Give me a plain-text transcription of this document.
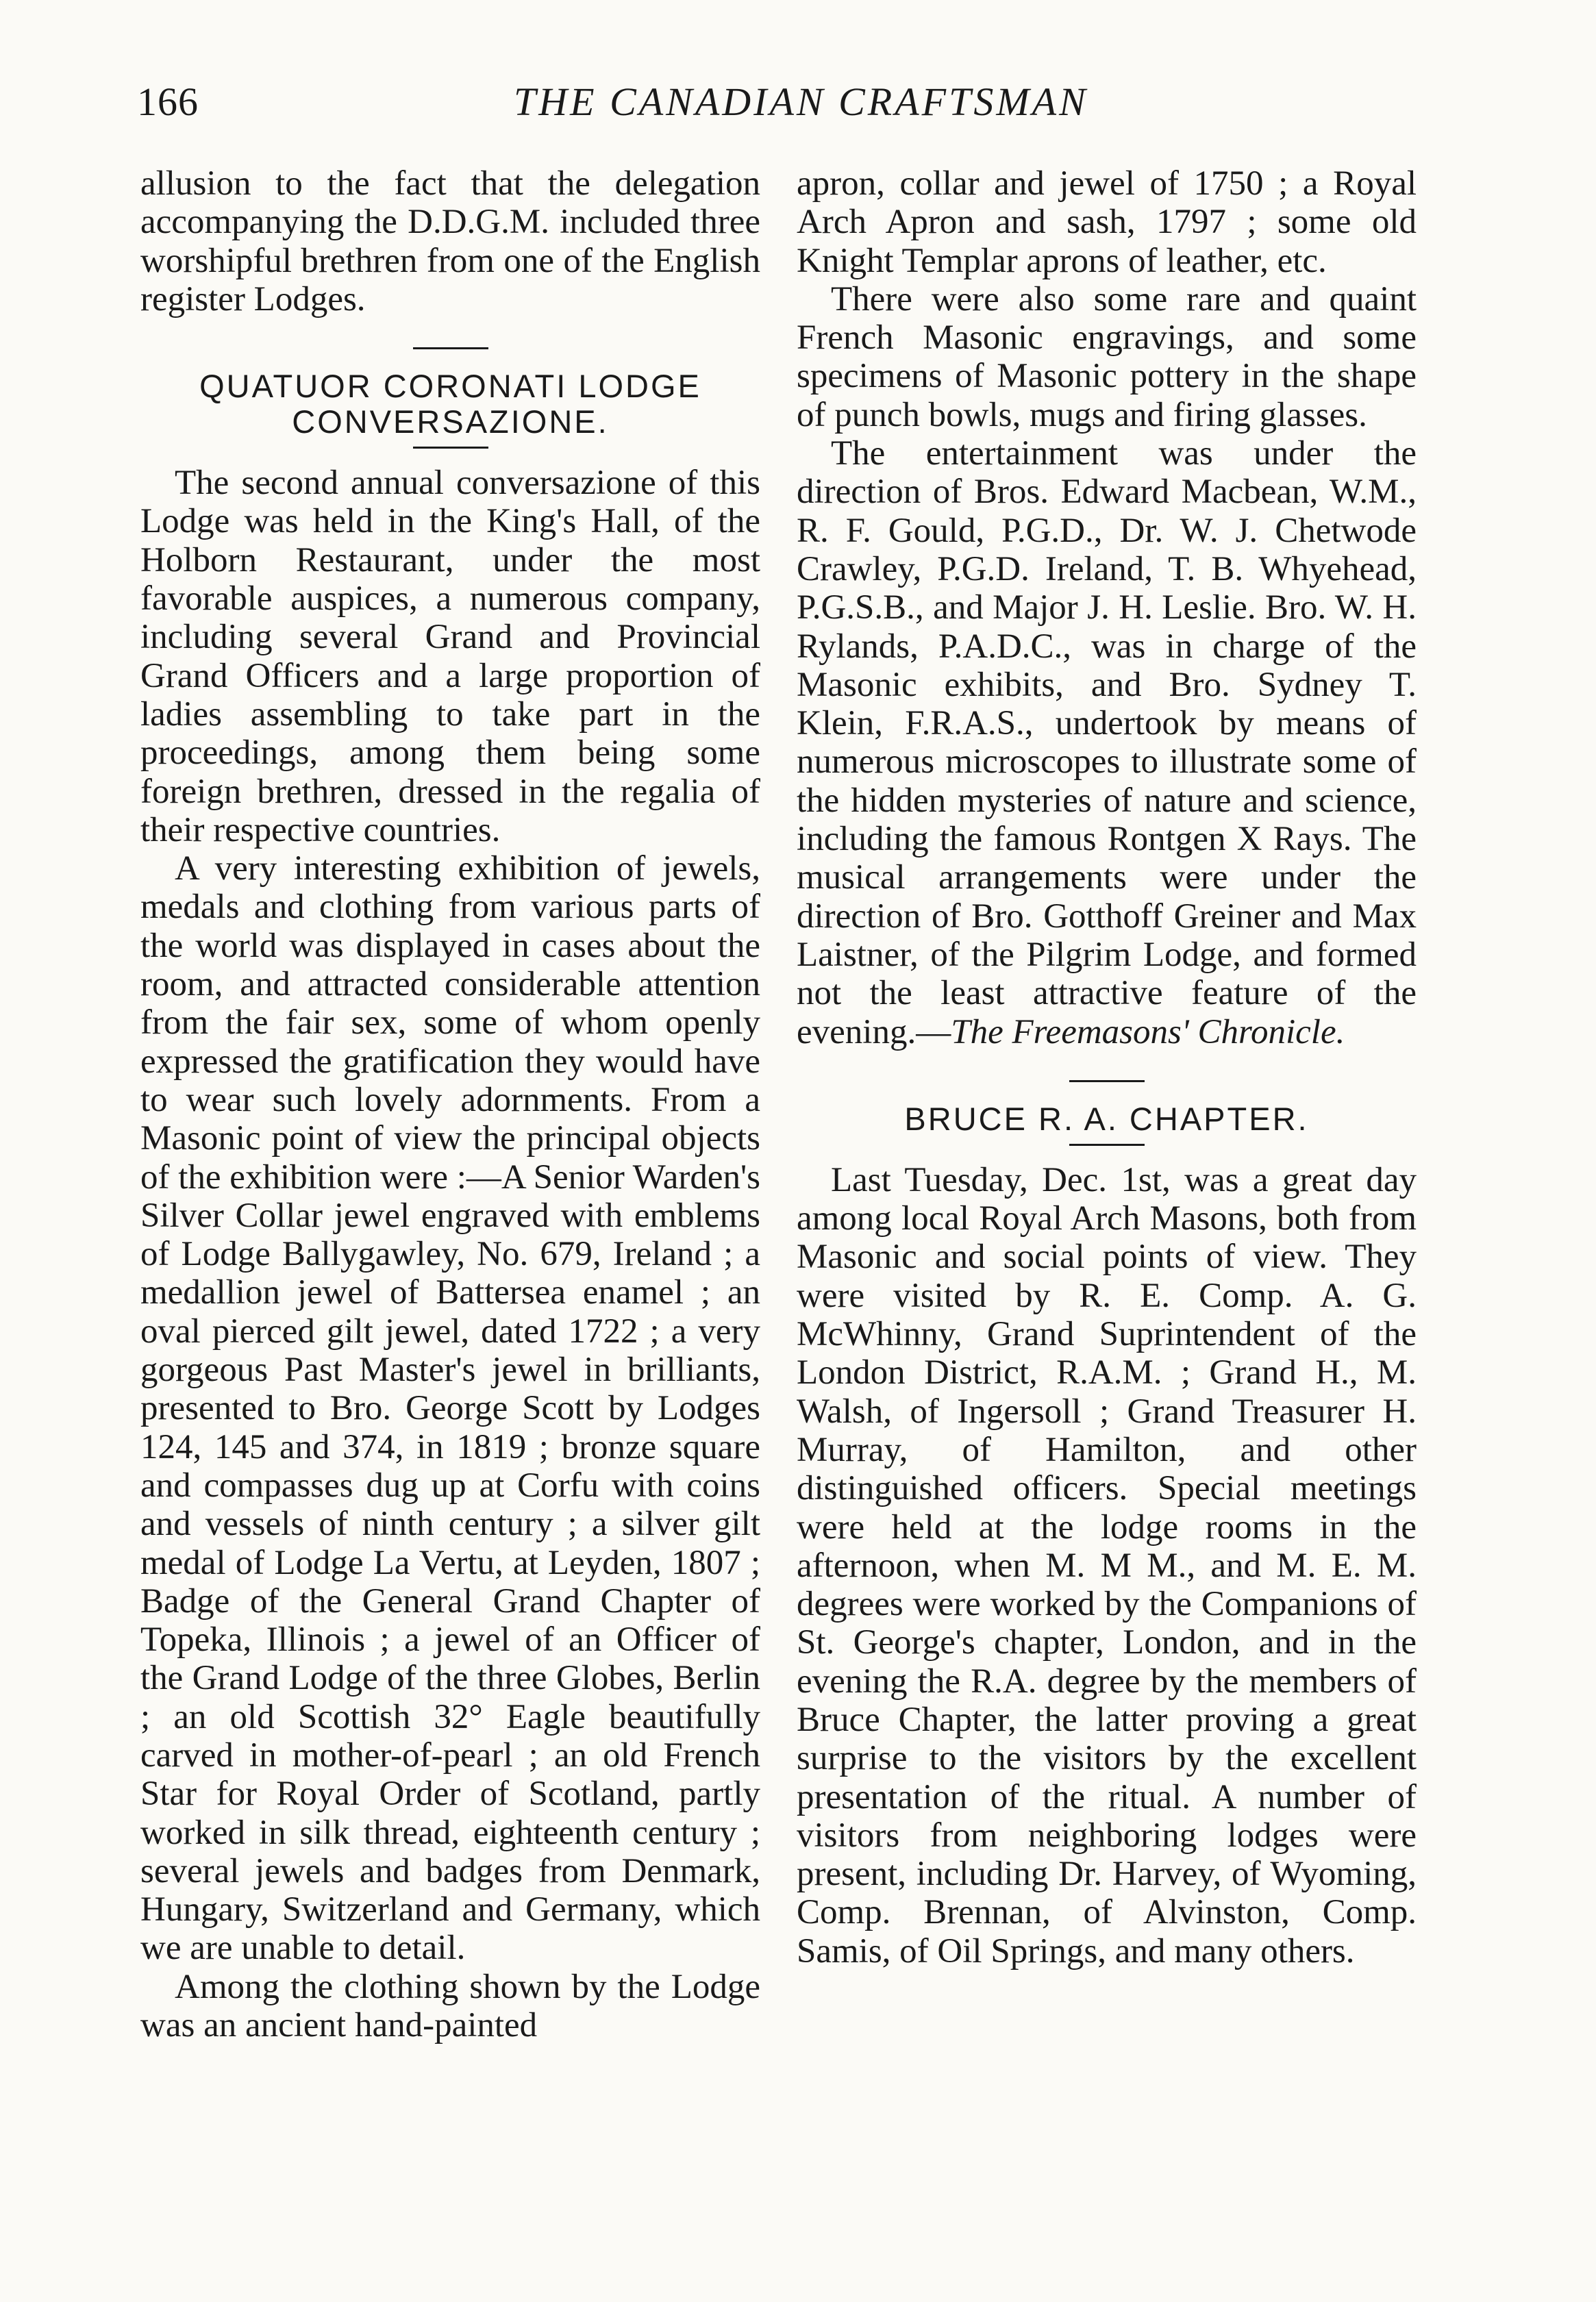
166	THE CANADIAN CRAFTSMAN

allusion to the fact that the delegation accompanying the D.D.G.M. included three worshipful brethren from one of the English register Lodges.

QUATUOR CORONATI LODGE
CONVERSAZIONE.

The second annual conversazione of this Lodge was held in the King's Hall, of the Holborn Restaurant, under the most favorable auspices, a numerous company, including several Grand and Provincial Grand Officers and a large proportion of ladies assembling to take part in the proceedings, among them being some foreign brethren, dressed in the regalia of their respective countries.

A very interesting exhibition of jewels, medals and clothing from various parts of the world was displayed in cases about the room, and attracted considerable attention from the fair sex, some of whom openly expressed the gratification they would have to wear such lovely adornments. From a Masonic point of view the principal objects of the exhibition were :—A Senior Warden's Silver Collar jewel engraved with emblems of Lodge Ballygawley, No. 679, Ireland ; a medallion jewel of Battersea enamel ; an oval pierced gilt jewel, dated 1722 ; a very gorgeous Past Master's jewel in brilliants, presented to Bro. George Scott by Lodges 124, 145 and 374, in 1819 ; bronze square and compasses dug up at Corfu with coins and vessels of ninth century ; a silver gilt medal of Lodge La Vertu, at Leyden, 1807 ; Badge of the General Grand Chapter of Topeka, Illinois ; a jewel of an Officer of the Grand Lodge of the three Globes, Berlin ; an old Scottish 32° Eagle beautifully carved in mother-of-pearl ; an old French Star for Royal Order of Scotland, partly worked in silk thread, eighteenth century ; several jewels and badges from Denmark, Hungary, Switzerland and Germany, which we are unable to detail.

Among the clothing shown by the Lodge was an ancient hand-painted

apron, collar and jewel of 1750 ; a Royal Arch Apron and sash, 1797 ; some old Knight Templar aprons of leather, etc.

There were also some rare and quaint French Masonic engravings, and some specimens of Masonic pottery in the shape of punch bowls, mugs and firing glasses.

The entertainment was under the direction of Bros. Edward Macbean, W.M., R. F. Gould, P.G.D., Dr. W. J. Chetwode Crawley, P.G.D. Ireland, T. B. Whyehead, P.G.S.B., and Major J. H. Leslie. Bro. W. H. Rylands, P.A.D.C., was in charge of the Masonic exhibits, and Bro. Sydney T. Klein, F.R.A.S., undertook by means of numerous microscopes to illustrate some of the hidden mysteries of nature and science, including the famous Rontgen X Rays. The musical arrangements were under the direction of Bro. Gotthoff Greiner and Max Laistner, of the Pilgrim Lodge, and formed not the least attractive feature of the evening.—The Freemasons' Chronicle.

BRUCE R. A. CHAPTER.

Last Tuesday, Dec. 1st, was a great day among local Royal Arch Masons, both from Masonic and social points of view. They were visited by R. E. Comp. A. G. McWhinny, Grand Suprintendent of the London District, R.A.M. ; Grand H., M. Walsh, of Ingersoll ; Grand Treasurer H. Murray, of Hamilton, and other distinguished officers. Special meetings were held at the lodge rooms in the afternoon, when M. M M., and M. E. M. degrees were worked by the Companions of St. George's chapter, London, and in the evening the R.A. degree by the members of Bruce Chapter, the latter proving a great surprise to the visitors by the excellent presentation of the ritual. A number of visitors from neighboring lodges were present, including Dr. Harvey, of Wyoming, Comp. Brennan, of Alvinston, Comp. Samis, of Oil Springs, and many others.
